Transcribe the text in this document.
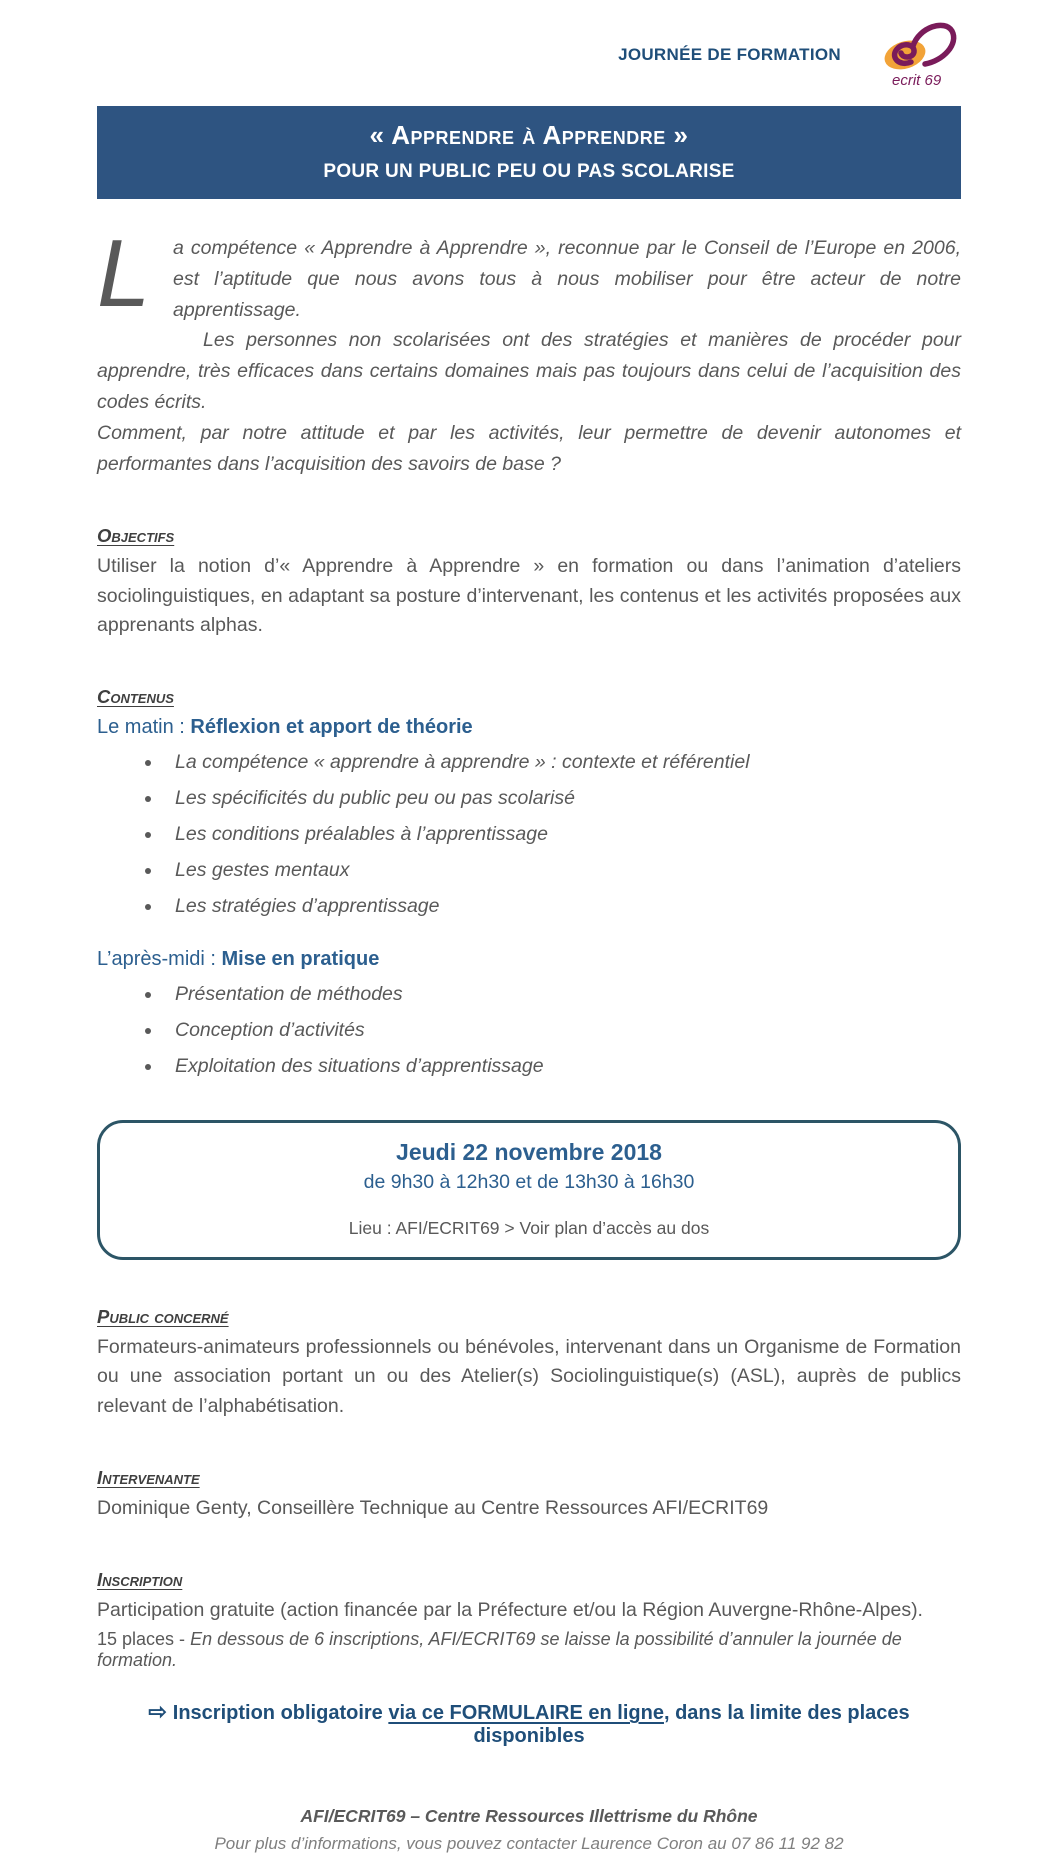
JOURNÉE DE FORMATION
ecrit 69
« Apprendre à Apprendre »
POUR UN PUBLIC PEU OU PAS SCOLARISE
L	a compétence « Apprendre à Apprendre », reconnue par le Conseil de l’Europe en 2006, est l’aptitude que nous avons tous à nous mobiliser pour être acteur de notre apprentissage.

Les personnes non scolarisées ont des stratégies et manières de procéder pour apprendre, très efficaces dans certains domaines mais pas toujours dans celui de l’acquisition des codes écrits.

Comment, par notre attitude et par les activités, leur permettre de devenir autonomes et performantes dans l’acquisition des savoirs de base ?

Objectifs
Utiliser la notion d’« Apprendre à Apprendre » en formation ou dans l’animation d’ateliers sociolinguistiques, en adaptant sa posture d’intervenant, les contenus et les activités proposées aux apprenants alphas.
Contenus
Le matin : Réflexion et apport de théorie
• La compétence « apprendre à apprendre » : contexte et référentiel
• Les spécificités du public peu ou pas scolarisé
• Les conditions préalables à l’apprentissage
• Les gestes mentaux
• Les stratégies d’apprentissage
L’après-midi : Mise en pratique
• Présentation de méthodes
• Conception d’activités
• Exploitation des situations d’apprentissage
Jeudi 22 novembre 2018
de 9h30 à 12h30 et de 13h30 à 16h30
Lieu : AFI/ECRIT69 > Voir plan d’accès au dos
Public concerné
Formateurs-animateurs professionnels ou bénévoles, intervenant dans un Organisme de Formation ou une association portant un ou des Atelier(s) Sociolinguistique(s) (ASL), auprès de publics relevant de l’alphabétisation.
Intervenante
Dominique Genty, Conseillère Technique au Centre Ressources AFI/ECRIT69
Inscription
Participation gratuite (action financée par la Préfecture et/ou la Région Auvergne-Rhône-Alpes).
15 places - En dessous de 6 inscriptions, AFI/ECRIT69 se laisse la possibilité d’annuler la journée de formation.
⇨ Inscription obligatoire via ce FORMULAIRE en ligne, dans la limite des places disponibles
AFI/ECRIT69 – Centre Ressources Illettrisme du Rhône
Pour plus d’informations, vous pouvez contacter Laurence Coron au 07 86 11 92 82
